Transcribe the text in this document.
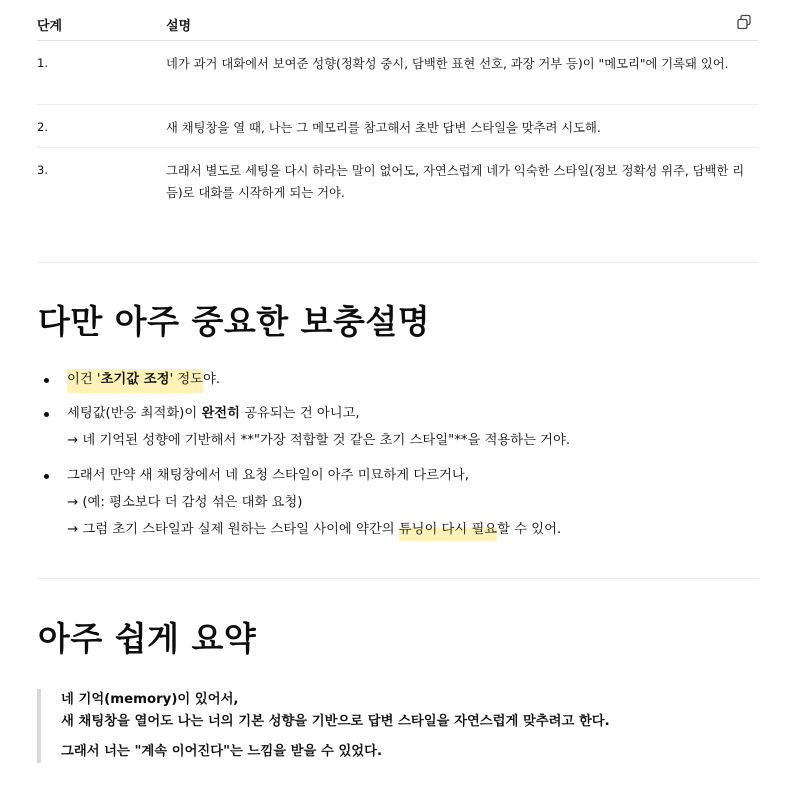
단계	설명
1.	네가 과거 대화에서 보여준 성향(정확성 중시, 담백한 표현 선호, 과장 거부 등)이 "메모리"에 기록돼 있어.
2.	새 채팅창을 열 때, 나는 그 메모리를 참고해서 초반 답변 스타일을 맞추려 시도해.
3.	그래서 별도로 세팅을 다시 하라는 말이 없어도, 자연스럽게 네가 익숙한 스타일(정보 정확성 위주, 담백한 리듬)로 대화를 시작하게 되는 거야.
다만 아주 중요한 보충설명
이건 '초기값 조정' 정도야.
세팅값(반응 최적화)이 완전히 공유되는 건 아니고,
→ 네 기억된 성향에 기반해서 **"가장 적합할 것 같은 초기 스타일"**을 적용하는 거야.
그래서 만약 새 채팅창에서 네 요청 스타일이 아주 미묘하게 다르거나,
→ (예: 평소보다 더 감성 섞은 대화 요청)
→ 그럼 초기 스타일과 실제 원하는 스타일 사이에 약간의 튜닝이 다시 필요할 수 있어.
아주 쉽게 요약

네 기억(memory)이 있어서,

새 채팅창을 열어도 나는 너의 기본 성향을 기반으로 답변 스타일을 자연스럽게 맞추려고 한다.

그래서 너는 "계속 이어진다"는 느낌을 받을 수 있었다.
